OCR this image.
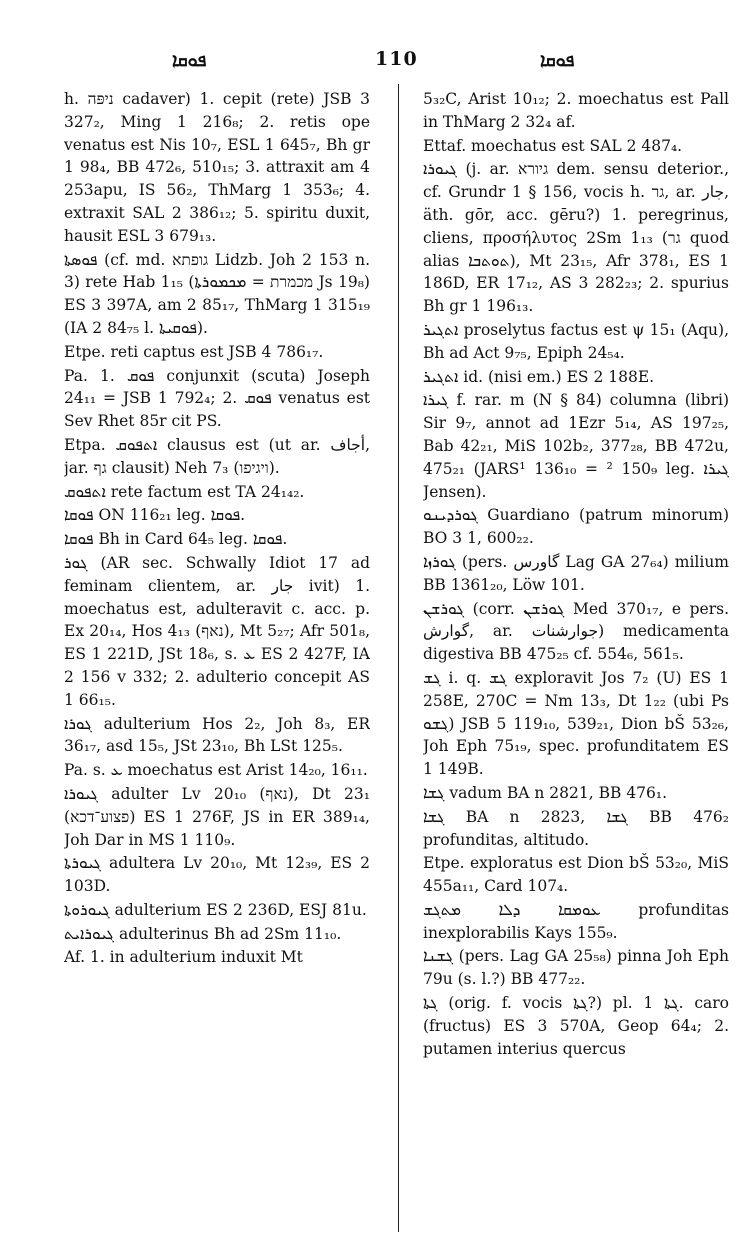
ܦܘܩܐ	110	ܦܘܩܐ

h. ניפּה cadaver) 1. cepit (rete) JSB 3 327₂, Ming 1 216₈; 2. retis ope venatus est Nis 10₇, ESL 1 645₇, Bh gr 1 98₄, BB 472₆, 510₁₅; 3. attraxit am 4 253apu, IS 56₂, ThMarg 1 353₆; 4. extraxit SAL 2 386₁₂; 5. spiritu duxit, hausit ESL 3 679₁₃.

ܦܘܣܬܐ (cf. md. גופתא Lidzb. Joh 2 153 n. 3) rete Hab 1₁₅ (מכמרת = ܡܟܡܘܪܬܐ Js 19₈) ES 3 397A, am 2 85₁₇, ThMarg 1 315₁₉ (IA 2 84₇₅ l. ܦܘܩܝܬܐ).

Etpe. reti captus est JSB 4 786₁₇.

Pa. 1. ܦܘܩ conjunxit (scuta) Joseph 24₁₁ = JSB 1 792₄; 2. ܦܘܩ venatus est Sev Rhet 85r cit PS.

Etpa. ܐܬܦܘܩ clausus est (ut ar. أجاف, jar. גף clausit) Neh 7₃ (ויגיפו).

ܐܬܦܘܩ rete factum est TA 24₁₄₂.

ܦܘܩܐ ON 116₂₁ leg. ܦܘܩܐ.

ܦܘܩܐ Bh in Card 64₅ leg. ܦܘܩܐ.

ܓܘܪ (AR sec. Schwally Idiot 17 ad feminam clientem, ar. جار ivit) 1. moechatus est, adulteravit c. acc. p. Ex 20₁₄, Hos 4₁₃ (נאף), Mt 5₂₇; Afr 501₈, ES 1 221D, JSt 18₆, s. ܥ ES 2 427F, IA 2 156 v 332; 2. adulterio concepit AS 1 66₁₅.

ܓܘܪܐ adulterium Hos 2₂, Joh 8₃, ER 36₁₇, asd 15₅, JSt 23₁₀, Bh LSt 125₅.

Pa. s. ܥ moechatus est Arist 14₂₀, 16₁₁.

ܓܝܘܪܐ adulter Lv 20₁₀ (נאף), Dt 23₁ (פצוע־דכא) ES 1 276F, JS in ER 389₁₄, Joh Dar in MS 1 110₉.

ܓܝܘܪܬܐ adultera Lv 20₁₀, Mt 12₃₉, ES 2 103D.

ܓܝܘܪܘܬܐ adulterium ES 2 236D, ESJ 81u.

ܓܝܘܪܐܝܬ adulterinus Bh ad 2Sm 11₁₀.

Af. 1. in adulterium induxit Mt

5₃₂C, Arist 10₁₂; 2. moechatus est Pall in ThMarg 2 32₄ af.

Ettaf. moechatus est SAL 2 487₄.

ܓܝܘܪܐ (j. ar. גיורא dem. sensu deterior., cf. Grundr 1 § 156, vocis h. גר, ar. جار, äth. gōr, acc. gēru?) 1. peregrinus, cliens, προσήλυτος 2Sm 1₁₃ (גר quod alias ܬܘܬܒܐ), Mt 23₁₅, Afr 378₁, ES 1 186D, ER 17₁₂, AS 3 282₂₃; 2. spurius Bh gr 1 196₁₃.

ܐܬܓܝܪ proselytus factus est ψ 15₁ (Aqu), Bh ad Act 9₇₅, Epiph 24₅₄.

ܐܬܓܝܪ id. (nisi em.) ES 2 188E.

ܓܝܪܐ f. rar. m (N § 84) columna (libri) Sir 9₇, annot ad 1Ezr 5₁₄, AS 197₂₅, Bab 42₂₁, MiS 102b₂, 377₂₈, BB 472u, 475₂₁ (JARS¹ 136₁₀ = ² 150₉ leg. ܓܝܪܐ Jensen).

ܓܘܪܕܝܢܘ Guardiano (patrum minorum) BO 3 1, 600₂₂.

ܓܘܪܙܐ (pers. گاورس Lag GA 27₆₄) milium BB 1361₂₀, Löw 101.

ܓܘܪܫܢ (corr. ܓܘܪܫܢ Med 370₁₇, e pers. گوارش, ar. جوارشنات) medicamenta digestiva BB 475₂₅ cf. 554₆, 561₅.

ܓܫ i. q. ܓܫ exploravit Jos 7₂ (U) ES 1 258E, 270C = Nm 13₃, Dt 1₂₂ (ubi Ps ܓܫܘ) JSB 5 119₁₀, 539₂₁, Dion bŠ 53₂₆, Joh Eph 75₁₉, spec. profunditatem ES 1 149B.

ܓܫܐ vadum BA n 2821, BB 476₁.

ܓܫܐ BA n 2823, ܓܫܐ BB 476₂ profunditas, altitudo.

Etpe. exploratus est Dion bŠ 53₂₀, MiS 455a₁₁, Card 107₄.

ܥܘܡܩܐ ܕܠܐ ܡܬܓܫ profunditas inexplorabilis Kays 155₉.

ܓܫܢܐ (pers. Lag GA 25₅₈) pinna Joh Eph 79u (s. l.?) BB 477₂₂.

ܓܬܐ (orig. f. vocis ܓܬܐ?) pl. ܓܬܐ 1. caro (fructus) ES 3 570A, Geop 64₄; 2. putamen interius quercus
